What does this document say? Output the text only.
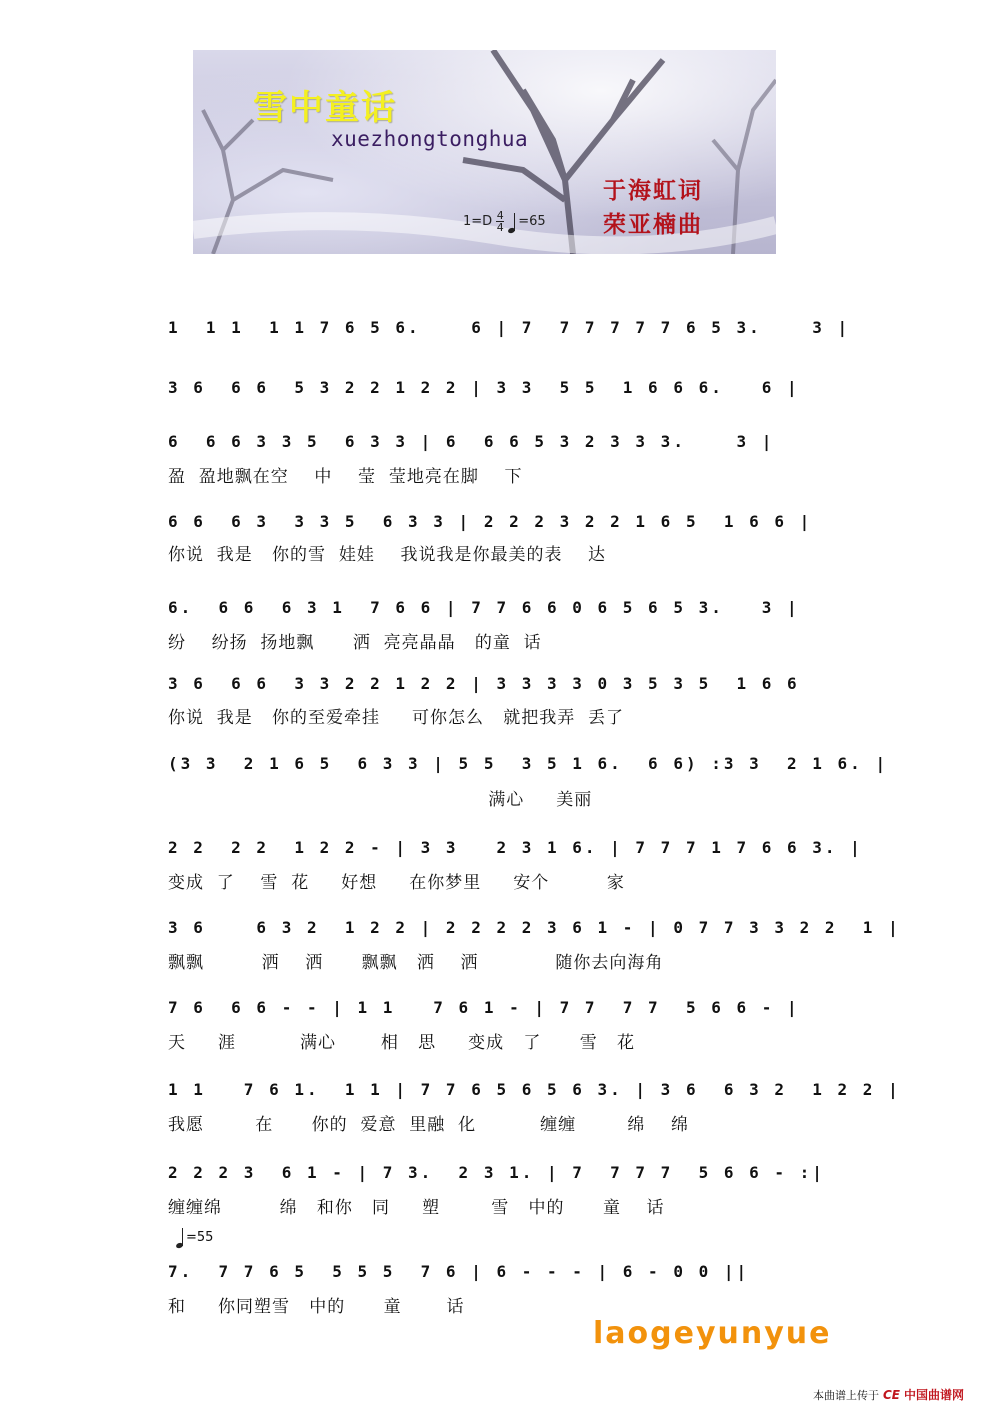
雪中童话
xuezhongtonghua
于海虹词
荣亚楠曲
$1=D \frac{4}{4} =65$
1  1 1  1 1 7 6 5 6.    6 | 7  7 7 7 7 7 6 5 3.    3 |
3 6  6 6  5 3 2 2 1 2 2 | 3 3  5 5  1 6 6 6.   6 |
6  6 6 3 3 5  6 3 3 | 6  6 6 5 3 2 3 3 3.    3 |
盈  盈地飘在空    中    莹  莹地亮在脚    下
6 6  6 3  3 3 5  6 3 3 | 2 2 2 3 2 2 1 6 5  1 6 6 |
你说  我是   你的雪  娃娃    我说我是你最美的表    达
6.  6 6  6 3 1  7 6 6 | 7 7 6 6 0 6 5 6 5 3.   3 |
纷    纷扬  扬地飘      洒  亮亮晶晶   的童  话
3 6  6 6  3 3 2 2 1 2 2 | 3 3 3 3 0 3 5 3 5  1 6 6
你说  我是   你的至爱牵挂     可你怎么   就把我弄  丢了
(3 3  2 1 6 5  6 3 3 | 5 5  3 5 1 6.  6 6) :3 3  2 1 6. |
满心     美丽
2 2  2 2  1 2 2 - | 3 3   2 3 1 6. | 7 7 7 1 7 6 6 3. |
变成  了    雪  花     好想     在你梦里     安个         家
3 6    6 3 2  1 2 2 | 2 2 2 2 3 6 1 - | 0 7 7 3 3 2 2  1 |
飘飘         洒    洒      飘飘   洒    洒            随你去向海角
7 6  6 6 - - | 1 1   7 6 1 - | 7 7  7 7  5 6 6 - |
天     涯          满心       相   思     变成   了      雪   花
1 1   7 6 1.  1 1 | 7 7 6 5 6 5 6 3. | 3 6  6 3 2  1 2 2 |
我愿        在      你的  爱意  里融  化          缠缠        绵    绵
2 2 2 3  6 1 - | 7 3.  2 3 1. | 7  7 7 7  5 6 6 - :|
缠缠绵         绵   和你   同     塑        雪   中的      童    话
=55
7.  7 7 6 5  5 5 5  7 6 | 6 - - - | 6 - 0 0 ||
和     你同塑雪   中的      童       话
laogeyunyue
本曲谱上传于 CE 中国曲谱网
